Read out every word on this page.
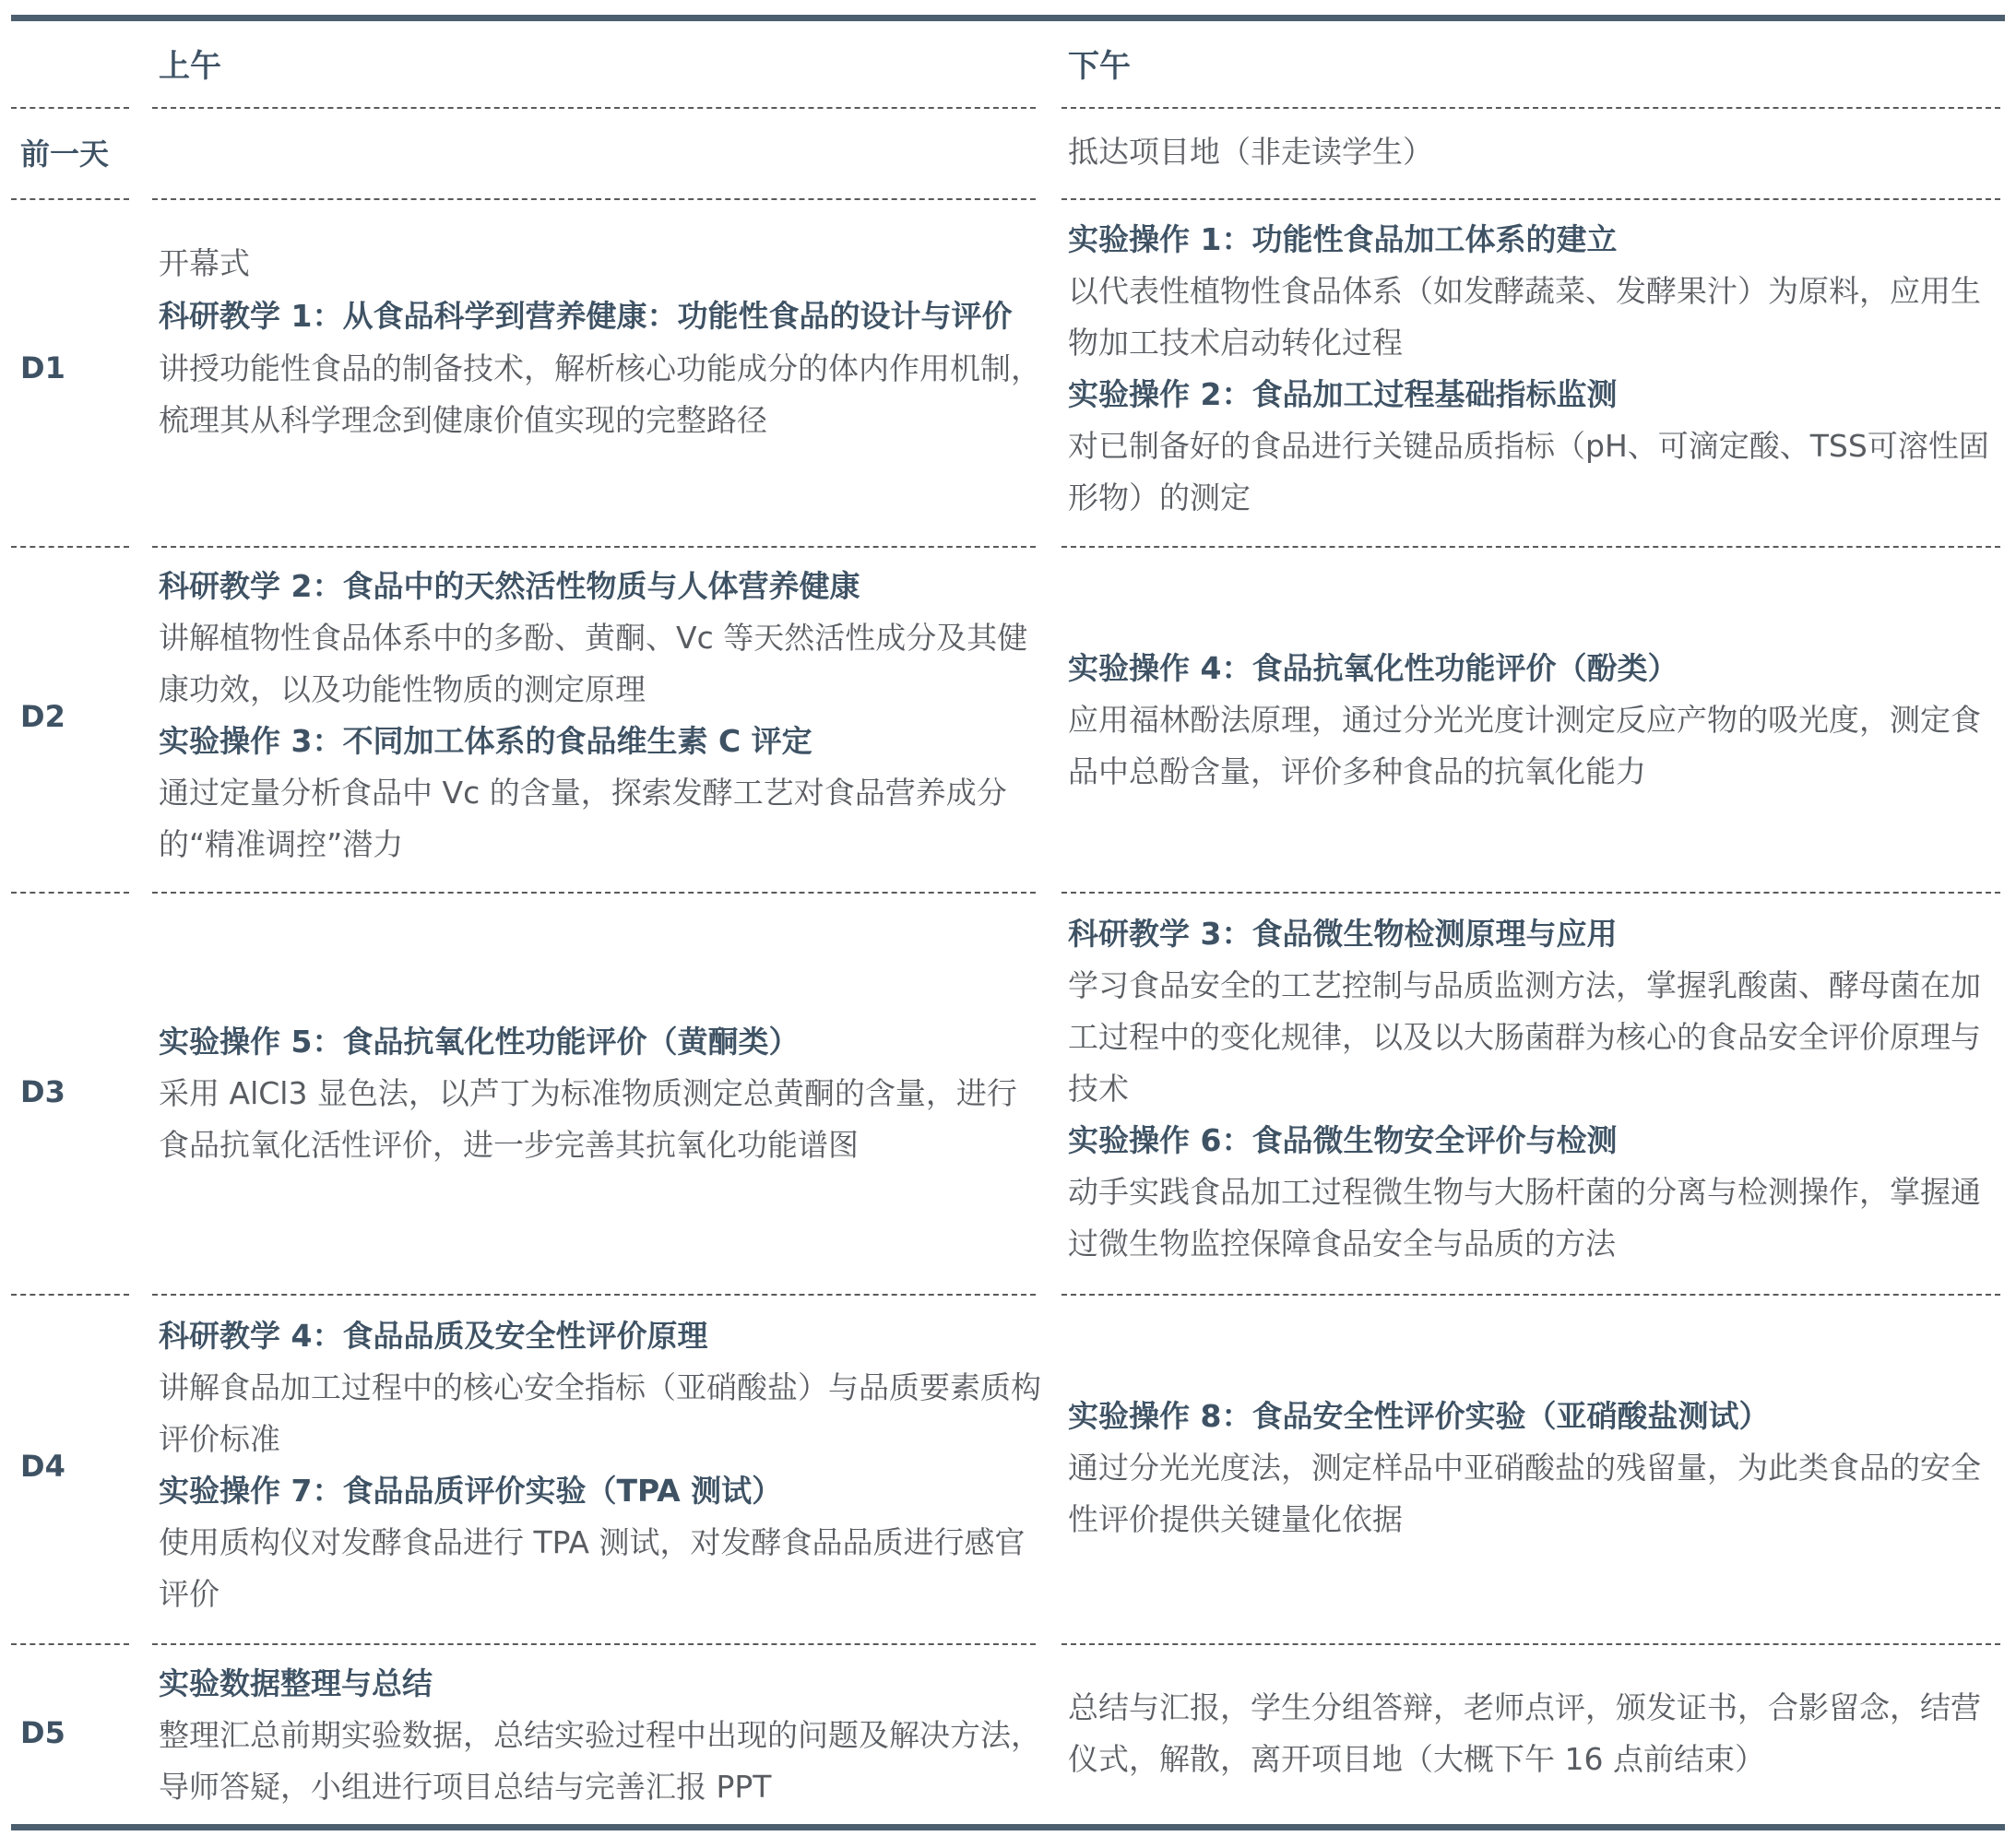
上午	下午
前一天	抵达项目地（非走读学生）
D1
开幕式
科研教学 1：从食品科学到营养健康：功能性食品的设计与评价
讲授功能性食品的制备技术，解析核心功能成分的体内作用机制，梳理其从科学理念到健康价值实现的完整路径
实验操作 1：功能性食品加工体系的建立
以代表性植物性食品体系（如发酵蔬菜、发酵果汁）为原料，应用生物加工技术启动转化过程
实验操作 2：食品加工过程基础指标监测
对已制备好的食品进行关键品质指标（pH、可滴定酸、TSS可溶性固形物）的测定
D2
科研教学 2：食品中的天然活性物质与人体营养健康
讲解植物性食品体系中的多酚、黄酮、Vc 等天然活性成分及其健康功效，以及功能性物质的测定原理
实验操作 3：不同加工体系的食品维生素 C 评定
通过定量分析食品中 Vc 的含量，探索发酵工艺对食品营养成分的“精准调控”潜力
实验操作 4：食品抗氧化性功能评价（酚类）
应用福林酚法原理，通过分光光度计测定反应产物的吸光度，测定食品中总酚含量，评价多种食品的抗氧化能力
D3
实验操作 5：食品抗氧化性功能评价（黄酮类）
采用 AlCl3 显色法，以芦丁为标准物质测定总黄酮的含量，进行食品抗氧化活性评价，进一步完善其抗氧化功能谱图
科研教学 3：食品微生物检测原理与应用
学习食品安全的工艺控制与品质监测方法，掌握乳酸菌、酵母菌在加工过程中的变化规律，以及以大肠菌群为核心的食品安全评价原理与技术
实验操作 6：食品微生物安全评价与检测
动手实践食品加工过程微生物与大肠杆菌的分离与检测操作，掌握通过微生物监控保障食品安全与品质的方法
D4
科研教学 4：食品品质及安全性评价原理
讲解食品加工过程中的核心安全指标（亚硝酸盐）与品质要素质构评价标准
实验操作 7：食品品质评价实验（TPA 测试）
使用质构仪对发酵食品进行 TPA 测试，对发酵食品品质进行感官评价
实验操作 8：食品安全性评价实验（亚硝酸盐测试）
通过分光光度法，测定样品中亚硝酸盐的残留量，为此类食品的安全性评价提供关键量化依据
D5
实验数据整理与总结
整理汇总前期实验数据，总结实验过程中出现的问题及解决方法，导师答疑，小组进行项目总结与完善汇报 PPT
总结与汇报，学生分组答辩，老师点评，颁发证书，合影留念，结营仪式，解散，离开项目地（大概下午 16 点前结束）
